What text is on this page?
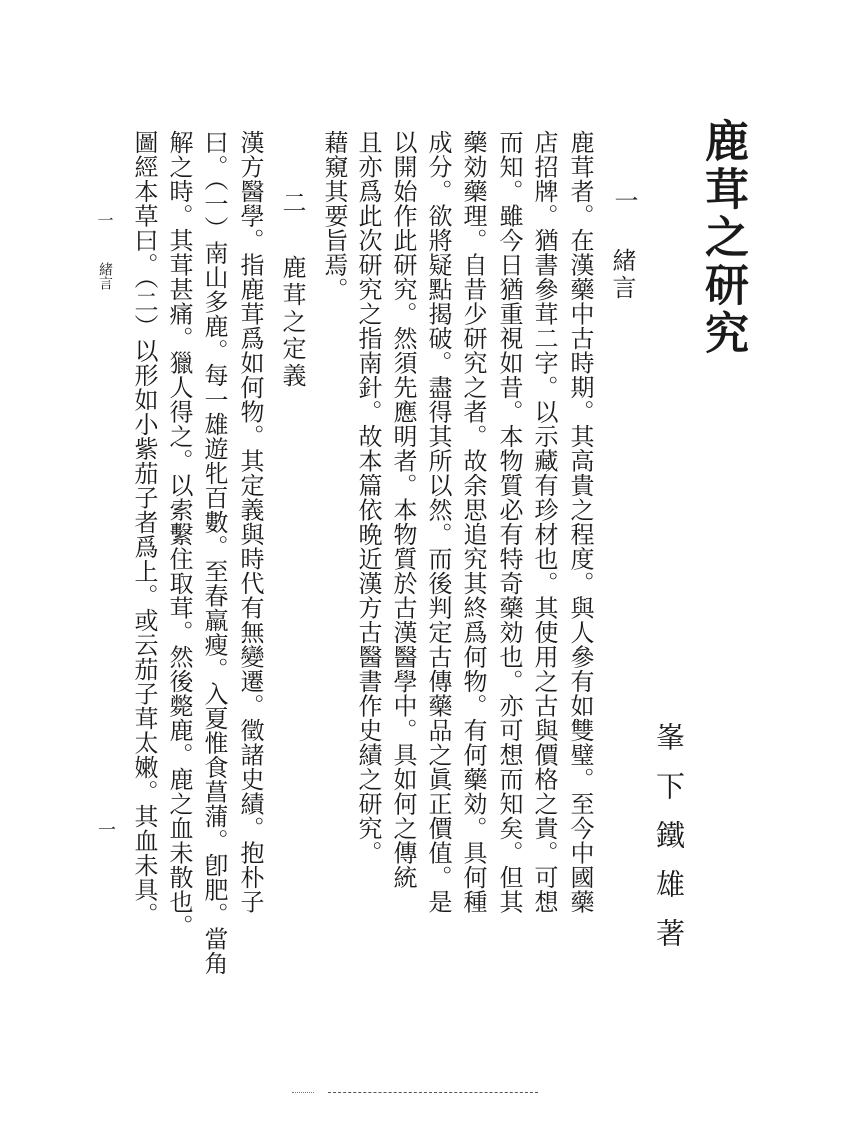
鹿茸之研究
峯下鐵雄著
一
緒言
鹿茸者。在漢藥中古時期。其高貴之程度。與人參有如雙璧。至今中國藥
店招牌。猶書參茸二字。以示藏有珍材也。其使用之古與價格之貴。可想
而知。雖今日猶重視如昔。本物質必有特奇藥効也。亦可想而知矣。但其
藥効藥理。自昔少研究之者。故余思追究其終爲何物。有何藥効。具何種
成分。欲將疑點揭破。盡得其所以然。而後判定古傳藥品之眞正價值。是
以開始作此研究。然須先應明者。本物質於古漢醫學中。具如何之傳統
且亦爲此次研究之指南針。故本篇依晩近漢方古醫書作史績之研究。
藉窺其要旨焉。
二
鹿茸之定義
漢方醫學。指鹿茸爲如何物。其定義與時代有無變遷。徵諸史績。抱朴子
曰。（一）南山多鹿。每一雄遊牝百數。至春羸瘦。入夏惟食菖蒲。卽肥。當角
解之時。其茸甚痛。獵人得之。以索繫住取茸。然後斃鹿。鹿之血未散也。
圖經本草曰。（二）以形如小紫茄子者爲上。或云茄子茸太嫩。其血未具。
一
緒言
一
